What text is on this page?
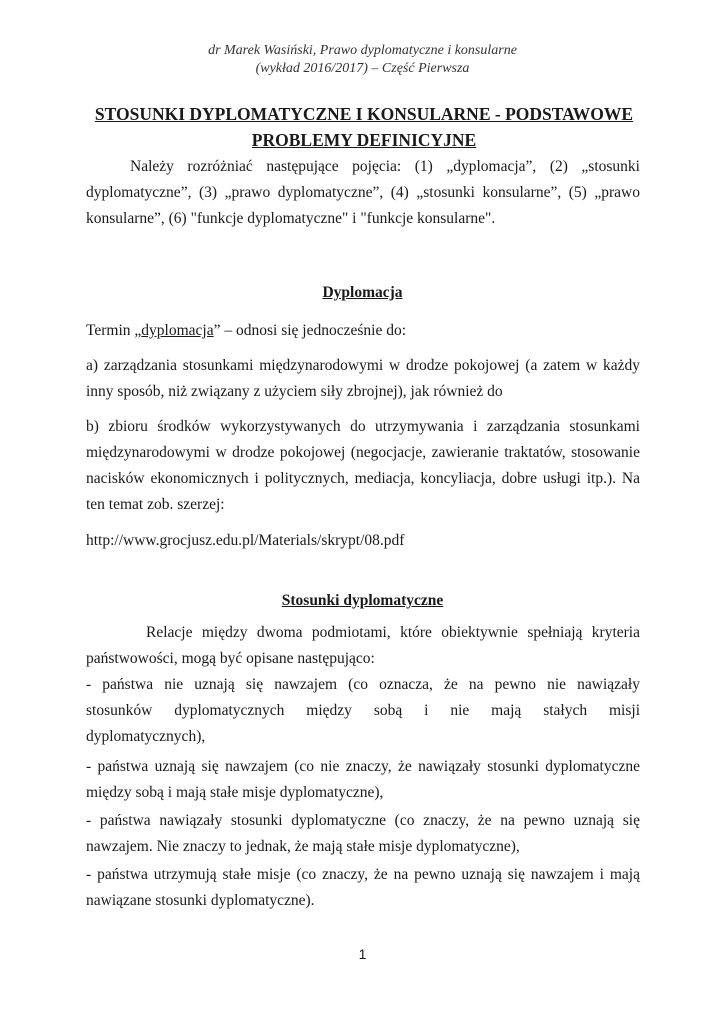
dr Marek Wasiński, Prawo dyplomatyczne i konsularne
(wykład 2016/2017) – Część Pierwsza
STOSUNKI DYPLOMATYCZNE I KONSULARNE - PODSTAWOWE PROBLEMY DEFINICYJNE
Należy rozróżniać następujące pojęcia: (1) „dyplomacja”, (2) „stosunki dyplomatyczne”, (3) „prawo dyplomatyczne”, (4) „stosunki konsularne”, (5) „prawo konsularne”, (6) "funkcje dyplomatyczne" i "funkcje konsularne".
Dyplomacja
Termin „dyplomacja” – odnosi się jednocześnie do:
a) zarządzania stosunkami międzynarodowymi w drodze pokojowej (a zatem w każdy inny sposób, niż związany z użyciem siły zbrojnej), jak również do
b) zbioru środków wykorzystywanych do utrzymywania i zarządzania stosunkami międzynarodowymi w drodze pokojowej (negocjacje, zawieranie traktatów, stosowanie nacisków ekonomicznych i politycznych, mediacja, koncyliacja, dobre usługi itp.). Na ten temat zob. szerzej:
http://www.grocjusz.edu.pl/Materials/skrypt/08.pdf
Stosunki dyplomatyczne
Relacje między dwoma podmiotami, które obiektywnie spełniają kryteria
państwowości, mogą być opisane następująco:
- państwa nie uznają się nawzajem (co oznacza, że na pewno nie nawiązały
stosunków dyplomatycznych między sobą i nie mają stałych misji
dyplomatycznych),
- państwa uznają się nawzajem (co nie znaczy, że nawiązały stosunki dyplomatyczne
między sobą i mają stałe misje dyplomatyczne),
- państwa nawiązały stosunki dyplomatyczne (co znaczy, że na pewno uznają się
nawzajem. Nie znaczy to jednak, że mają stałe misje dyplomatyczne),
- państwa utrzymują stałe misje (co znaczy, że na pewno uznają się nawzajem i mają
nawiązane stosunki dyplomatyczne).
1
